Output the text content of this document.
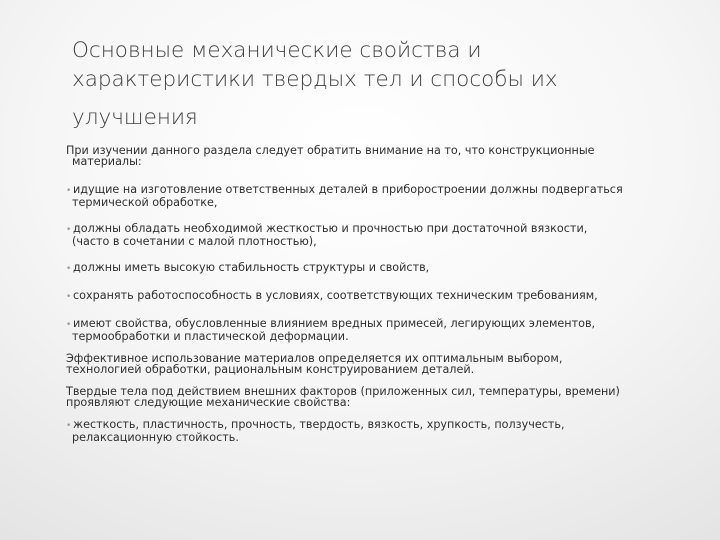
Основные механические свойства и
характеристики твердых тел и способы их
улучшения

При изучении данного раздела следует обратить внимание на то, что конструкционные
материалы:

• идущие на изготовление ответственных деталей в приборостроении должны подвергаться
термической обработке,

• должны обладать необходимой жесткостью и прочностью при достаточной вязкости,
(часто в сочетании с малой плотностью),

• должны иметь высокую стабильность структуры и свойств,

• сохранять работоспособность в условиях, соответствующих техническим требованиям,

• имеют свойства, обусловленные влиянием вредных примесей, легирующих элементов,
термообработки и пластической деформации.

Эффективное использование материалов определяется их оптимальным выбором,
технологией обработки, рациональным конструированием деталей.

Твердые тела под действием внешних факторов (приложенных сил, температуры, времени)
проявляют следующие механические свойства:

• жесткость, пластичность, прочность, твердость, вязкость, хрупкость, ползучесть,
релаксационную стойкость.
